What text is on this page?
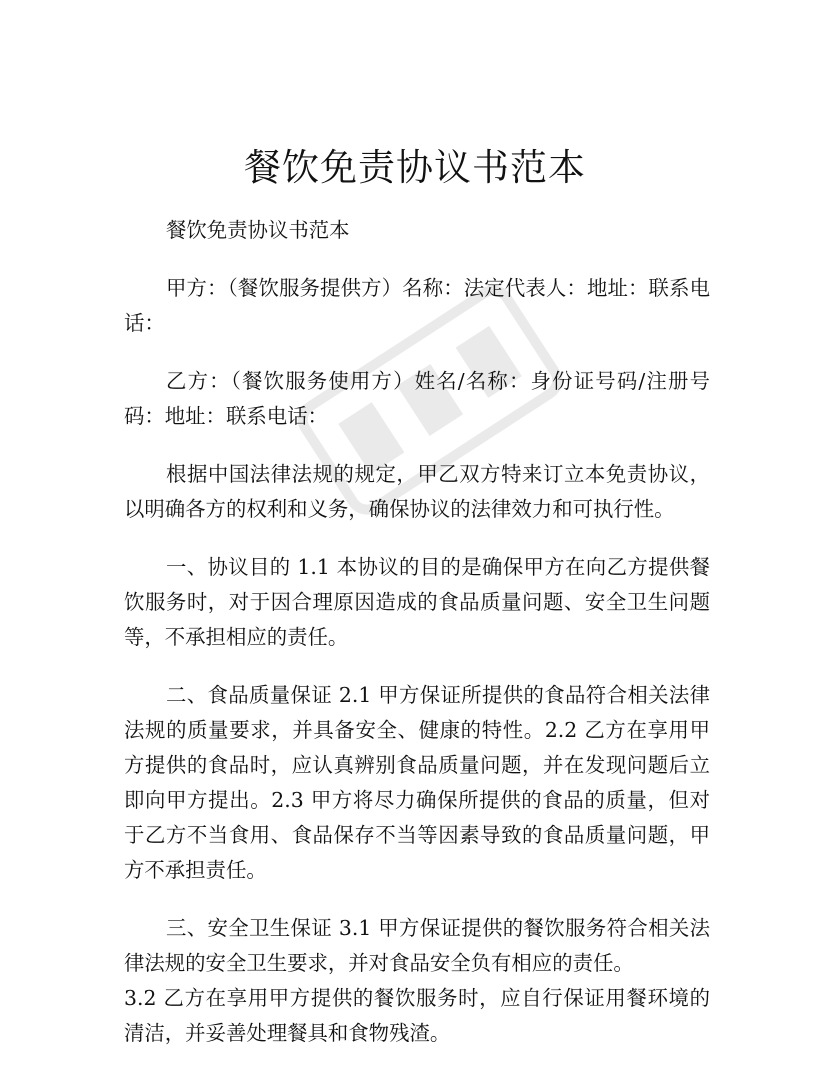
餐饮免责协议书范本

餐饮免责协议书范本

甲方：（餐饮服务提供方）名称：法定代表人：地址：联系电话：

乙方：（餐饮服务使用方）姓名/名称：身份证号码/注册号码：地址：联系电话：

根据中国法律法规的规定，甲乙双方特来订立本免责协议，以明确各方的权利和义务，确保协议的法律效力和可执行性。

一、协议目的 1.1 本协议的目的是确保甲方在向乙方提供餐饮服务时，对于因合理原因造成的食品质量问题、安全卫生问题等，不承担相应的责任。

二、食品质量保证 2.1 甲方保证所提供的食品符合相关法律法规的质量要求，并具备安全、健康的特性。2.2 乙方在享用甲方提供的食品时，应认真辨别食品质量问题，并在发现问题后立即向甲方提出。2.3 甲方将尽力确保所提供的食品的质量，但对于乙方不当食用、食品保存不当等因素导致的食品质量问题，甲方不承担责任。

三、安全卫生保证 3.1 甲方保证提供的餐饮服务符合相关法律法规的安全卫生要求，并对食品安全负有相应的责任。

3.2 乙方在享用甲方提供的餐饮服务时，应自行保证用餐环境的清洁，并妥善处理餐具和食物残渣。
